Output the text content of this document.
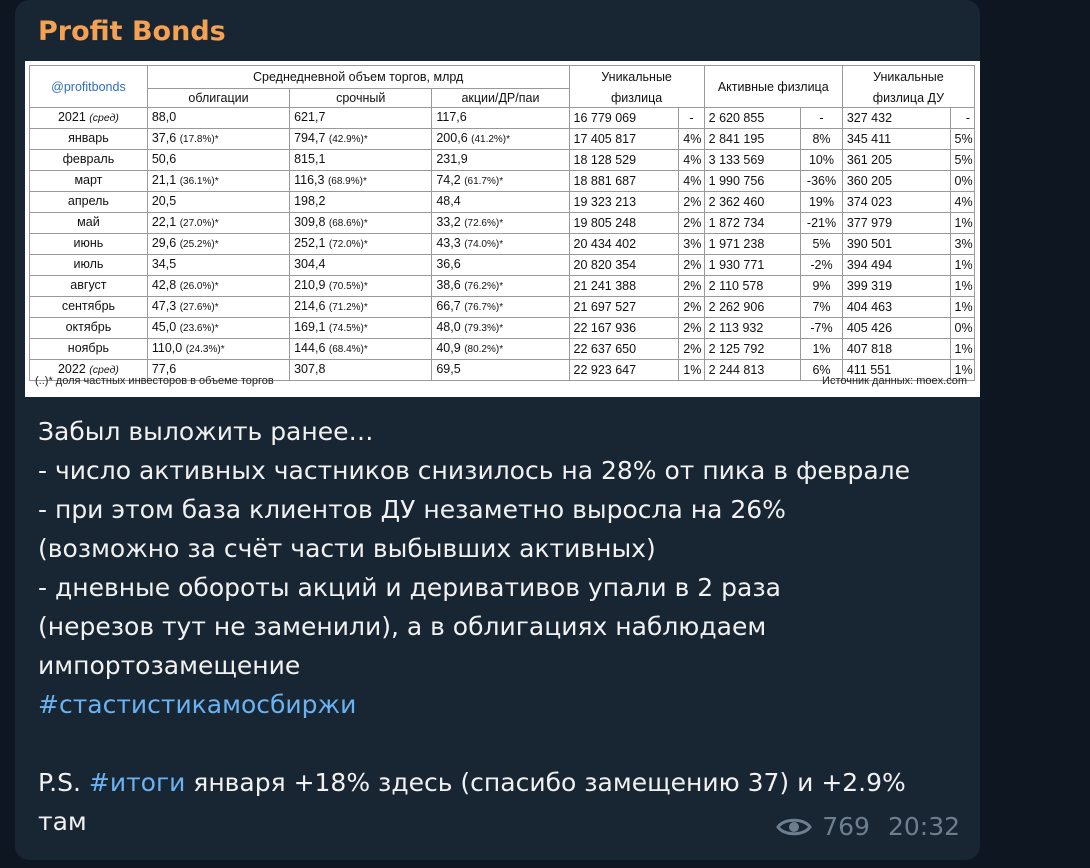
Profit Bonds
@profitbonds	Среднедневной объем торгов, млрд			Уникальные		Активные физлица		Уникальные	
	облигации	срочный	акции/ДР/паи	физлица				физлица ДУ	
2021 (сред)	88,0	621,7	117,6	16 779 069	-	2 620 855	-	327 432	-
январь	37,6 (17.8%)*	794,7 (42.9%)*	200,6 (41.2%)*	17 405 817	4%	2 841 195	8%	345 411	5%
февраль	50,6	815,1	231,9	18 128 529	4%	3 133 569	10%	361 205	5%
март	21,1 (36.1%)*	116,3 (68.9%)*	74,2 (61.7%)*	18 881 687	4%	1 990 756	-36%	360 205	0%
апрель	20,5	198,2	48,4	19 323 213	2%	2 362 460	19%	374 023	4%
май	22,1 (27.0%)*	309,8 (68.6%)*	33,2 (72.6%)*	19 805 248	2%	1 872 734	-21%	377 979	1%
июнь	29,6 (25.2%)*	252,1 (72.0%)*	43,3 (74.0%)*	20 434 402	3%	1 971 238	5%	390 501	3%
июль	34,5	304,4	36,6	20 820 354	2%	1 930 771	-2%	394 494	1%
август	42,8 (26.0%)*	210,9 (70.5%)*	38,6 (76.2%)*	21 241 388	2%	2 110 578	9%	399 319	1%
сентябрь	47,3 (27.6%)*	214,6 (71.2%)*	66,7 (76.7%)*	21 697 527	2%	2 262 906	7%	404 463	1%
октябрь	45,0 (23.6%)*	169,1 (74.5%)*	48,0 (79.3%)*	22 167 936	2%	2 113 932	-7%	405 426	0%
ноябрь	110,0 (24.3%)*	144,6 (68.4%)*	40,9 (80.2%)*	22 637 650	2%	2 125 792	1%	407 818	1%
2022 (сред)	77,6	307,8	69,5	22 923 647	1%	2 244 813	6%	411 551	1%
(..)* доля частных инвесторов в объеме торгов	Источник данных: moex.com
Забыл выложить ранее…
- число активных частников снизилось на 28% от пика в феврале
- при этом база клиентов ДУ незаметно выросла на 26%
(возможно за счёт части выбывших активных)
- дневные обороты акций и деривативов упали в 2 раза
(нерезов тут не заменили), а в облигациях наблюдаем
импортозамещение
#стастистикамосбиржи
P.S. #итоги января +18% здесь (спасибо замещению 37) и +2.9%
там	769 20:32
